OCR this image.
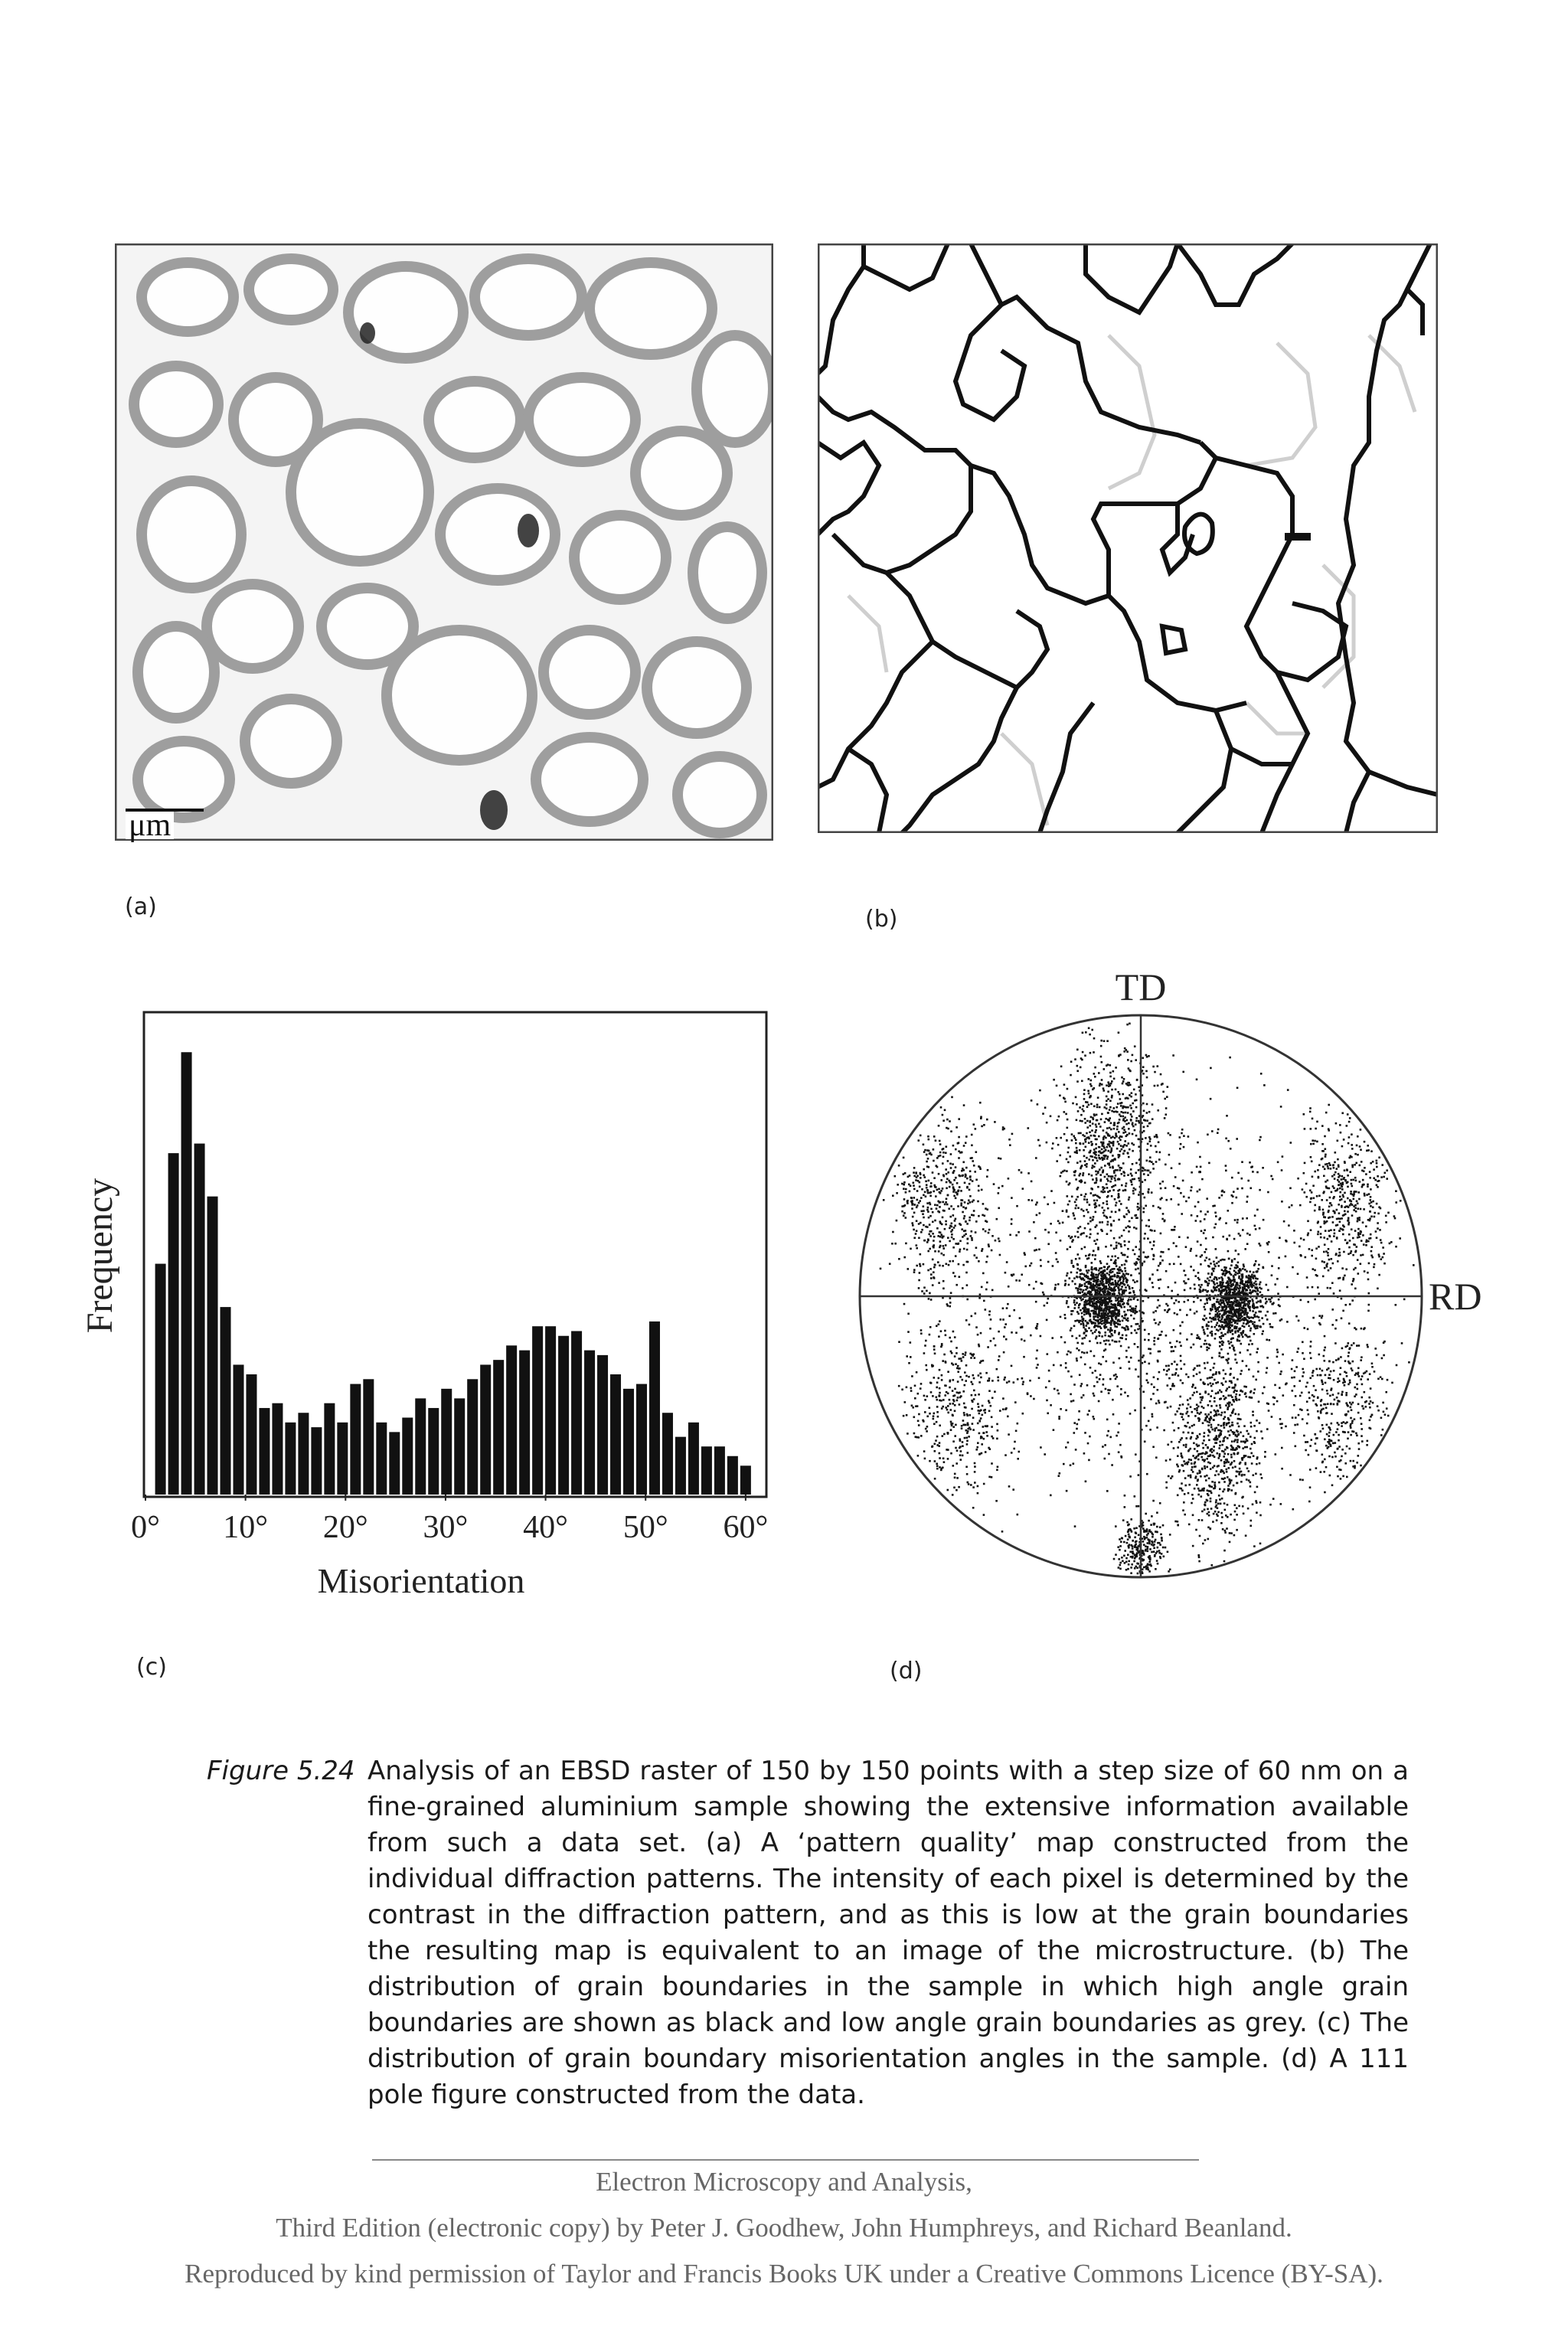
μm
(a)	(b)
0° 10° 20° 30° 40° 50° 60°
Frequency
Misorientation
(c)
TD
RD
(d)
Figure 5.24 Analysis of an EBSD raster of 150 by 150 points with a step size of 60 nm on a fine-grained aluminium sample showing the extensive information available from such a data set. (a) A ‘pattern quality’ map constructed from the individual diffraction patterns. The intensity of each pixel is determined by the contrast in the diffraction pattern, and as this is low at the grain boundaries the resulting map is equivalent to an image of the microstructure. (b) The distribution of grain boundaries in the sample in which high angle grain boundaries are shown as black and low angle grain boundaries as grey. (c) The distribution of grain boundary misorientation angles in the sample. (d) A 111 pole figure constructed from the data.
Electron Microscopy and Analysis,
Third Edition (electronic copy) by Peter J. Goodhew, John Humphreys, and Richard Beanland.
Reproduced by kind permission of Taylor and Francis Books UK under a Creative Commons Licence (BY-SA).
